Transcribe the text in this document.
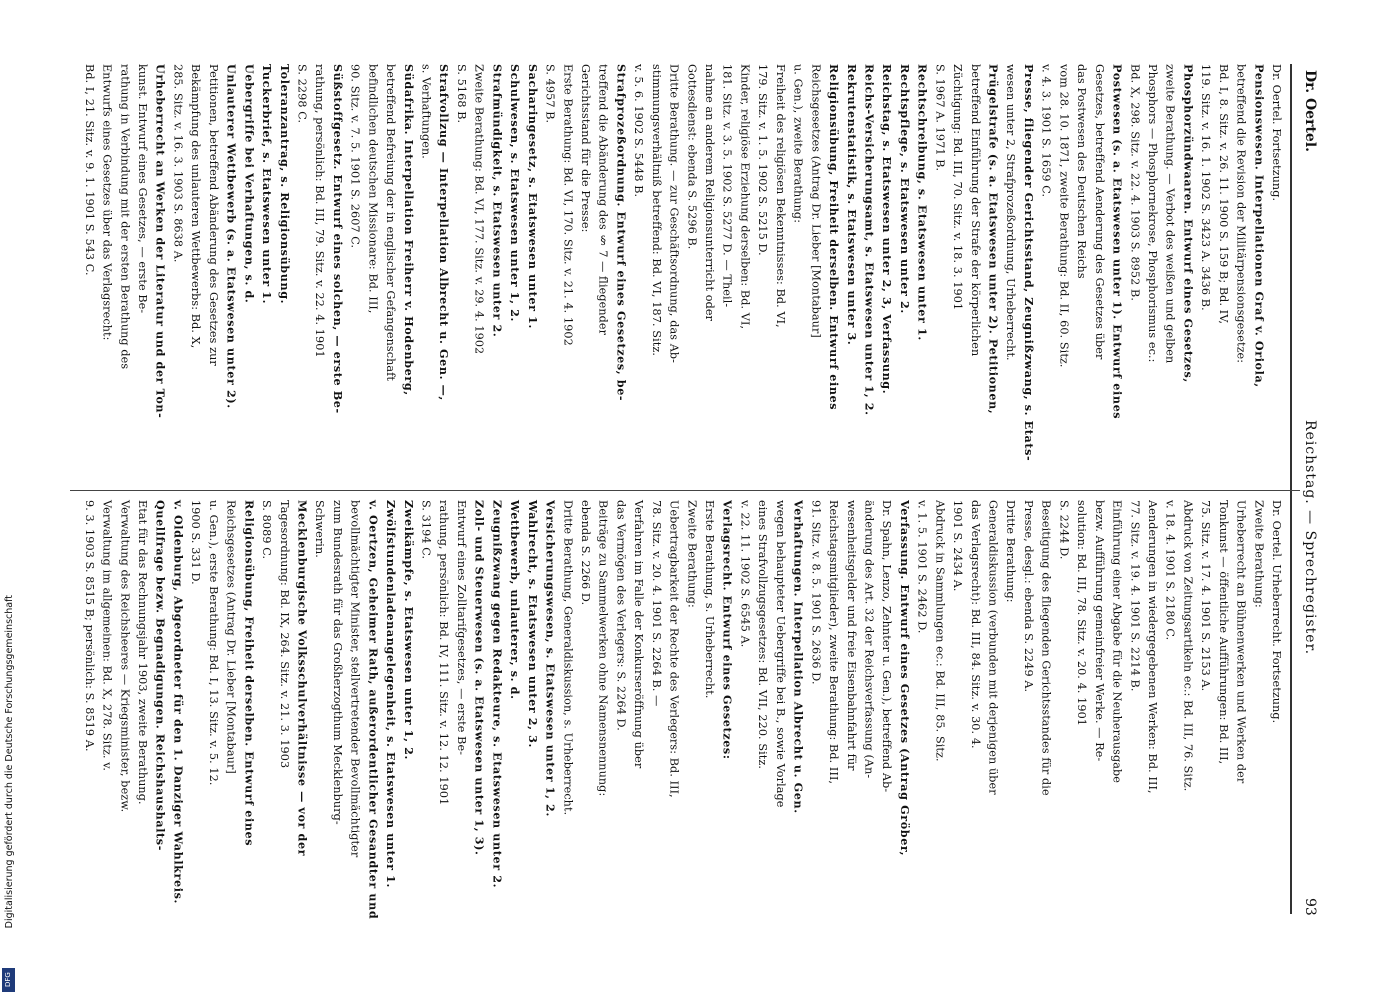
Dr. Oertel.
Reichstag. — Sprechregister.
93
Dr. Oertel. Fortsetzung.
Pensionswesen. Interpellationen Graf v. Oriola,
betreffend die Revision der Militärpensionsgesetze:
Bd. I, 8. Sitz. v. 26. 11. 1900 S. 159 B; Bd. IV,
119. Sitz. v. 16. 1. 1902 S. 3423 A. 3436 B.
Phosphorzündwaaren. Entwurf eines Gesetzes,
zweite Berathung. — Verbot des weißen und gelben
Phosphors — Phosphornekrose, Phosphorismus ec.:
Bd. X, 298. Sitz. v. 22. 4. 1903 S. 8952 B.
Postwesen (s. a. Etatswesen unter 1). Entwurf eines
Gesetzes, betreffend Aenderung des Gesetzes über
das Postwesen des Deutschen Reichs
vom 28. 10. 1871, zweite Berathung: Bd. II, 60. Sitz.
v. 4. 3. 1901 S. 1659 C.
Presse, fliegender Gerichtsstand, Zeugnißzwang, s. Etats-
wesen unter 2, Strafprozeßordnung, Urheberrecht.
Prügelstrafe (s. a. Etatswesen unter 2). Petitionen,
betreffend Einführung der Strafe der körperlichen
Züchtigung: Bd. III, 70. Sitz. v. 18. 3. 1901
S. 1967 A. 1971 B.
Rechtschreibung, s. Etatswesen unter 1.
Rechtspflege, s. Etatswesen unter 2.
Reichstag, s. Etatswesen unter 2, 3, Verfassung.
Reichs-Versicherungsamt, s. Etatswesen unter 1, 2.
Rekrutenstatistik, s. Etatswesen unter 3.
Religionsübung, Freiheit derselben. Entwurf eines
Reichsgesetzes (Antrag Dr. Lieber [Montabaur]
u. Gen.), zweite Berathung:
Freiheit des religiösen Bekenntnisses: Bd. VI,
179. Sitz. v. 1. 5. 1902 S. 5215 D.
Kinder, religiöse Erziehung derselben: Bd. VI,
181. Sitz. v. 3. 5. 1902 S. 5277 D. — Theil-
nahme an anderem Religionsunterricht oder
Gottesdienst: ebenda S. 5296 B.
Dritte Berathung. — zur Geschäftsordnung, das Ab-
stimmungsverhältniß betreffend: Bd. VI, 187. Sitz.
v. 5. 6. 1902 S. 5448 B.
Strafprozeßordnung. Entwurf eines Gesetzes, be-
treffend die Abänderung des § 7 — fliegender
Gerichtsstand für die Presse:
Erste Berathung: Bd. VI, 170. Sitz. v. 21. 4. 1902
S. 4957 B.
Sacharingesetz, s. Etatswesen unter 1.
Schulwesen, s. Etatswesen unter 1, 2.
Strafmündigkeit, s. Etatswesen unter 2.
Zweite Berathung: Bd. VI, 177. Sitz. v. 29. 4. 1902
S. 5168 B.
Strafvollzug — Interpellation Albrecht u. Gen. —,
s. Verhaftungen.
Südafrika. Interpellation Freiherr v. Hodenberg,
betreffend Befreiung der in englischer Gefangenschaft
befindlichen deutschen Missionare: Bd. III,
90. Sitz. v. 7. 5. 1901 S. 2607 C.
Süßstoffgesetz. Entwurf eines solchen, — erste Be-
rathung, persönlich: Bd. III, 79. Sitz. v. 22. 4. 1901
S. 2298 C.
Toleranzantrag, s. Religionsübung.
Tuckerbrief, s. Etatswesen unter 1.
Uebergriffe bei Verhaftungen, s. d.
Unlauterer Wettbewerb (s. a. Etatswesen unter 2).
Petitionen, betreffend Abänderung des Gesetzes zur
Bekämpfung des unlauteren Wettbewerbs: Bd. X,
285. Sitz. v. 16. 3. 1903 S. 8638 A.
Urheberrecht an Werken der Literatur und der Ton-
kunst. Entwurf eines Gesetzes, — erste Be-
rathung in Verbindung mit der ersten Berathung des
Entwurfs eines Gesetzes über das Verlagsrecht:
Bd. I, 21. Sitz. v. 9. 1. 1901 S. 543 C.
Dr. Oertel. Urheberrecht. Fortsetzung.
Zweite Berathung:
Urheberrecht an Bühnenwerken und Werken der
Tonkunst — öffentliche Aufführungen: Bd. III,
75. Sitz. v. 17. 4. 1901 S. 2153 A.
Abdruck von Zeitungsartikeln ec.: Bd. III, 76. Sitz.
v. 18. 4. 1901 S. 2180 C.
Aenderungen in wiedergegebenen Werken: Bd. III,
77. Sitz. v. 19. 4. 1901 S. 2214 B.
Einführung einer Abgabe für die Neuherausgabe
bezw. Aufführung gemeinfreier Werke. — Re-
solution: Bd. III, 78. Sitz. v. 20. 4. 1901
S. 2244 D.
Beseitigung des fliegenden Gerichtsstandes für die
Presse, desgl.: ebenda S. 2249 A.
Dritte Berathung:
Generaldiskussion (verbunden mit derjenigen über
das Verlagsrecht): Bd. III, 84. Sitz. v. 30. 4.
1901 S. 2434 A.
Abdruck in Sammlungen ec.: Bd. III, 85. Sitz.
v. 1. 5. 1901 S. 2462 D.
Verfassung. Entwurf eines Gesetzes (Antrag Gröber,
Dr. Spahn, Lenzo, Zehnter u. Gen.), betreffend Ab-
änderung des Art. 32 der Reichsverfassung (An-
wesenheitsgelder und freie Eisenbahnfahrt für
Reichstagsmitglieder), zweite Berathung: Bd. III,
91. Sitz. v. 8. 5. 1901 S. 2636 D.
Verhaftungen. Interpellation Albrecht u. Gen.
wegen behaupteter Uebergriffe bei B., sowie Vorlage
eines Strafvollzugsgesetzes: Bd. VII, 220. Sitz.
v. 22. 11. 1902 S. 6545 A.
Verlagsrecht. Entwurf eines Gesetzes:
Erste Berathung, s. Urheberrecht.
Zweite Berathung:
Uebertragbarkeit der Rechte des Verlegers: Bd. III,
78. Sitz. v. 20. 4. 1901 S. 2264 B. —
Verfahren im Falle der Konkurseröffnung über
das Vermögen des Verlegers: S. 2264 D.
Beiträge zu Sammelwerken ohne Namensnennung:
ebenda S. 2266 D.
Dritte Berathung, Generaldiskussion, s. Urheberrecht.
Versicherungswesen, s. Etatswesen unter 1, 2.
Wahlrecht, s. Etatswesen unter 2, 3.
Wettbewerb, unlauterer, s. d.
Zeugnißzwang gegen Redakteure, s. Etatswesen unter 2.
Zoll- und Steuerwesen (s. a. Etatswesen unter 1, 3).
Entwurf eines Zolltarifgesetzes, — erste Be-
rathung, persönlich: Bd. IV, 111. Sitz. v. 12. 12. 1901
S. 3194 C.
Zweikämpfe, s. Etatswesen unter 1, 2.
Zwölfstundenladenangelegenheit, s. Etatswesen unter 1.
v. Oertzen, Geheimer Rath, außerordentlicher Gesandter und
bevollmächtigter Minister, stellvertretender Bevollmächtigter
zum Bundesrath für das Großherzogthum Mecklenburg-
Schwerin.
Mecklenburgische Volksschulverhältnisse — vor der
Tagesordnung: Bd. IX, 264. Sitz. v. 21. 3. 1903
S. 8089 C.
Religionsübung, Freiheit derselben. Entwurf eines
Reichsgesetzes (Antrag Dr. Lieber [Montabaur]
u. Gen.), erste Berathung: Bd. I, 13. Sitz. v. 5. 12.
1900 S. 331 D.
v. Oldenburg, Abgeordneter für den 1. Danziger Wahlkreis.
Quellfrage bezw. Begnadigungen. Reichshaushalts-
Etat für das Rechnungsjahr 1903, zweite Berathung.
Verwaltung des Reichsheeres — Kriegsminister, bezw.
Verwaltung im allgemeinen: Bd. X, 278. Sitz. v.
9. 3. 1903 S. 8515 B; persönlich: S. 8519 A.
Digitalisierung gefördert durch die Deutsche Forschungsgemeinschaft
DFG
